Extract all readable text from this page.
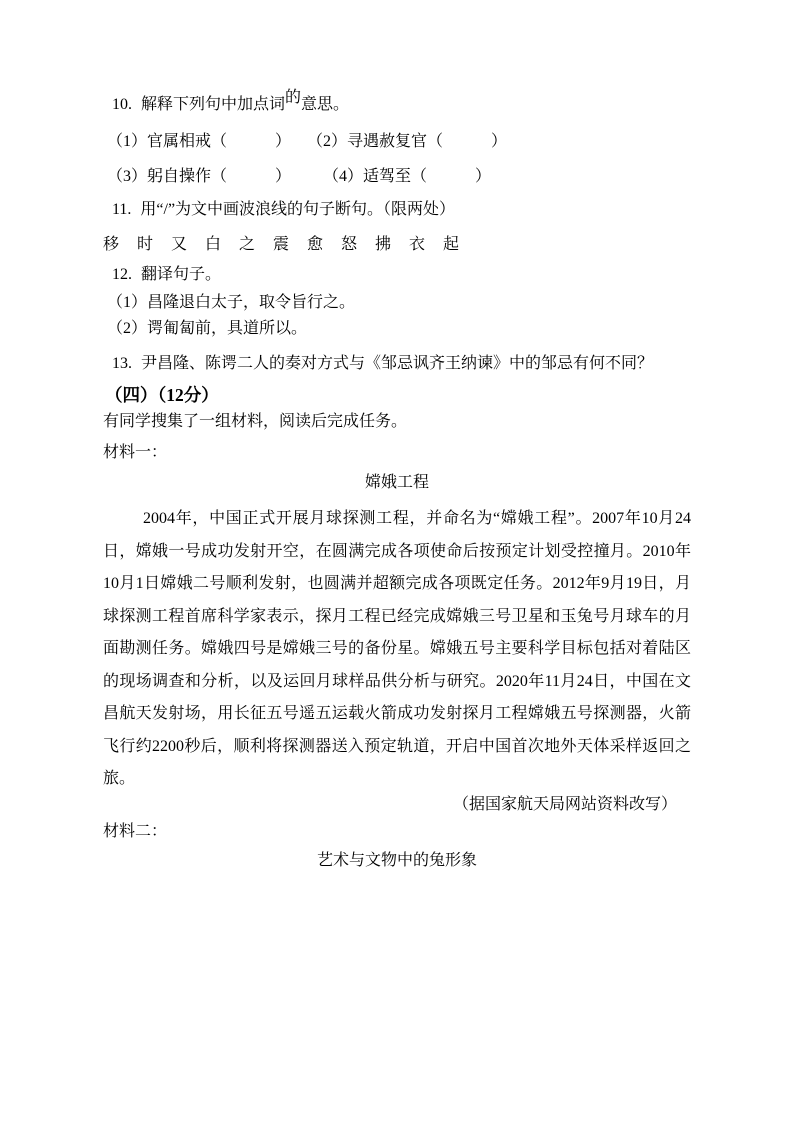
10. 解释下列句中加点词的意思。
（1）官属相戒（　　　）　　（2）寻遇赦复官（　　　）
（3）躬自操作（　　　）　　　（4）适驾至（　　　）
11. 用“/”为文中画波浪线的句子断句。（限两处）
移　时　又　白　之　震　愈　怒　拂　衣　起
12. 翻译句子。
（1）昌隆退白太子，取令旨行之。
（2）谔匍匐前，具道所以。
13. 尹昌隆、陈谔二人的奏对方式与《邹忌讽齐王纳谏》中的邹忌有何不同？
（四）（12分）
有同学搜集了一组材料，阅读后完成任务。
材料一：
嫦娥工程
2004年，中国正式开展月球探测工程，并命名为“嫦娥工程”。2007年10月24日，嫦娥一号成功发射开空，在圆满完成各项使命后按预定计划受控撞月。2010年10月1日嫦娥二号顺利发射，也圆满并超额完成各项既定任务。2012年9月19日，月球探测工程首席科学家表示，探月工程已经完成嫦娥三号卫星和玉兔号月球车的月面勘测任务。嫦娥四号是嫦娥三号的备份星。嫦娥五号主要科学目标包括对着陆区的现场调查和分析，以及运回月球样品供分析与研究。2020年11月24日，中国在文昌航天发射场，用长征五号遥五运载火箭成功发射探月工程嫦娥五号探测器，火箭飞行约2200秒后，顺利将探测器送入预定轨道，开启中国首次地外天体采样返回之旅。
（据国家航天局网站资料改写）
材料二：
艺术与文物中的兔形象
